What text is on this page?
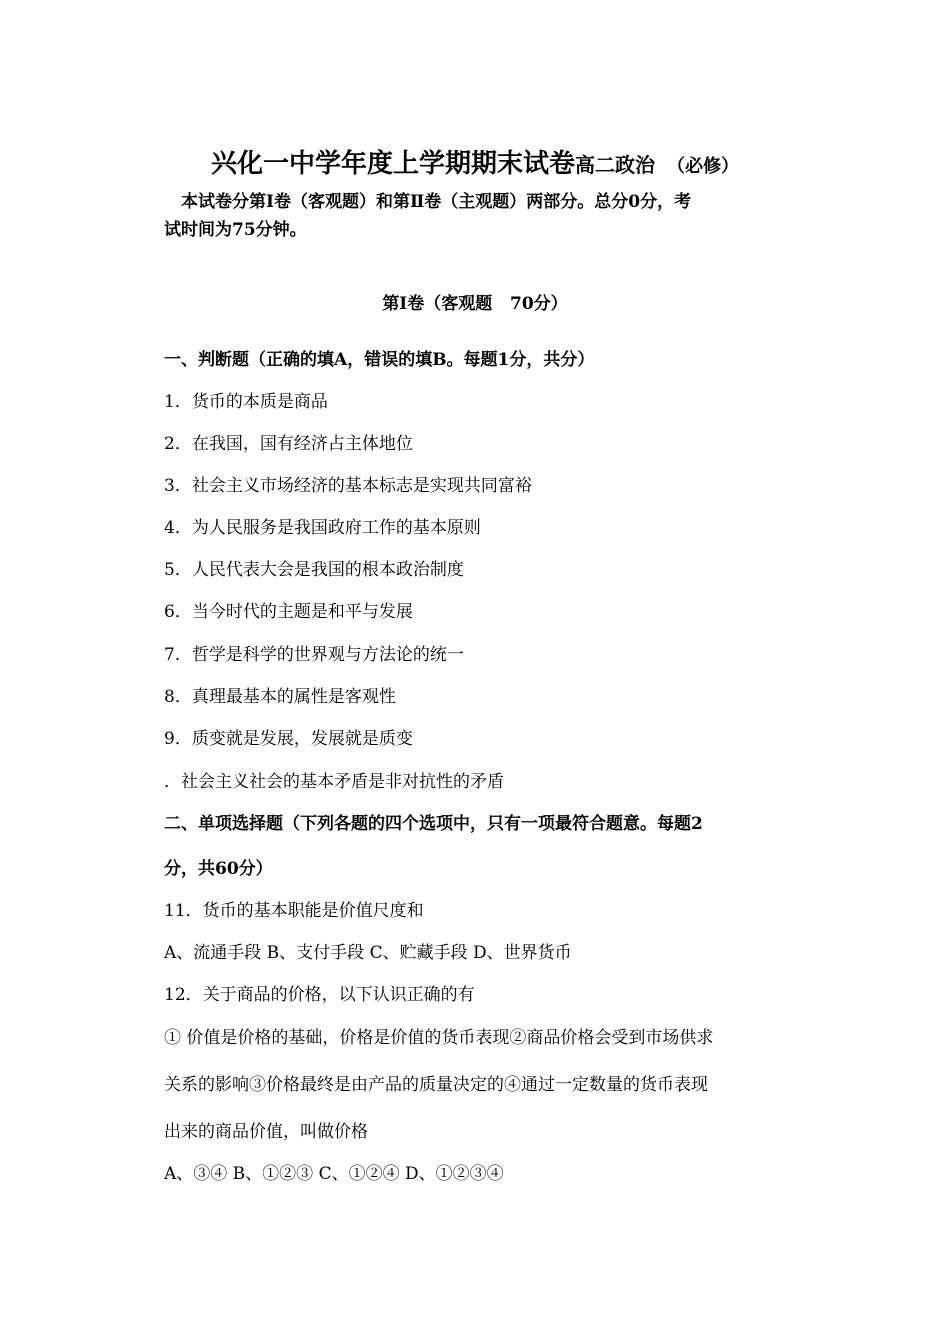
兴化一中学年度上学期期末试卷高二政治 （必修）
本试卷分第Ⅰ卷（客观题）和第Ⅱ卷（主观题）两部分。总分0分，考
试时间为75分钟。
第Ⅰ卷（客观题   70分）
一、判断题（正确的填A，错误的填B。每题1分，共分）
1．货币的本质是商品
2．在我国，国有经济占主体地位
3．社会主义市场经济的基本标志是实现共同富裕
4．为人民服务是我国政府工作的基本原则
5．人民代表大会是我国的根本政治制度
6．当今时代的主题是和平与发展
7．哲学是科学的世界观与方法论的统一
8．真理最基本的属性是客观性
9．质变就是发展，发展就是质变
．社会主义社会的基本矛盾是非对抗性的矛盾
二、单项选择题（下列各题的四个选项中，只有一项最符合题意。每题2
分，共60分）
11．货币的基本职能是价值尺度和
A、流通手段 B、支付手段 C、贮藏手段 D、世界货币
12．关于商品的价格，以下认识正确的有
① 价值是价格的基础，价格是价值的货币表现②商品价格会受到市场供求
关系的影响③价格最终是由产品的质量决定的④通过一定数量的货币表现
出来的商品价值，叫做价格
A、③④ B、①②③ C、①②④ D、①②③④
